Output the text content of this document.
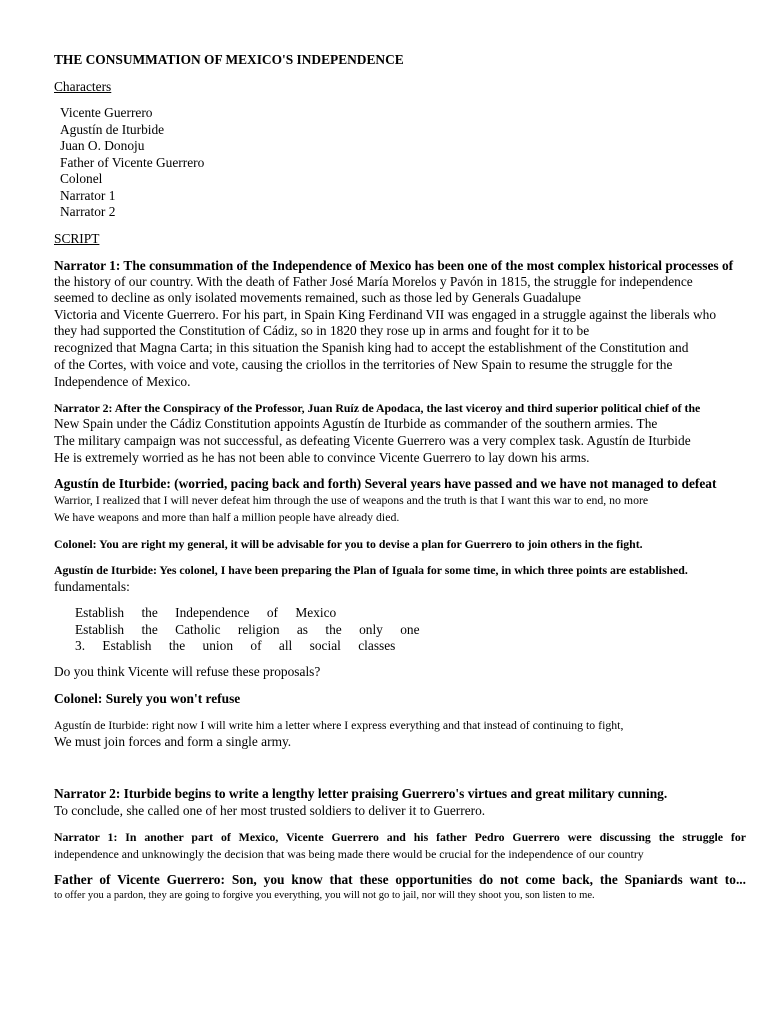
THE CONSUMMATION OF MEXICO'S INDEPENDENCE
Characters
Vicente Guerrero
Agustín de Iturbide
Juan O. Donoju
Father of Vicente Guerrero
Colonel
Narrator 1
Narrator 2
SCRIPT
Narrator 1: The consummation of the Independence of Mexico has been one of the most complex historical processes of
the history of our country. With the death of Father José María Morelos y Pavón in 1815, the struggle for independence
seemed to decline as only isolated movements remained, such as those led by Generals Guadalupe
Victoria and Vicente Guerrero. For his part, in Spain King Ferdinand VII was engaged in a struggle against the liberals who
they had supported the Constitution of Cádiz, so in 1820 they rose up in arms and fought for it to be
recognized that Magna Carta; in this situation the Spanish king had to accept the establishment of the Constitution and
of the Cortes, with voice and vote, causing the criollos in the territories of New Spain to resume the struggle for the
Independence of Mexico.
Narrator 2: After the Conspiracy of the Professor, Juan Ruíz de Apodaca, the last viceroy and third superior political chief of the
New Spain under the Cádiz Constitution appoints Agustín de Iturbide as commander of the southern armies. The
The military campaign was not successful, as defeating Vicente Guerrero was a very complex task. Agustín de Iturbide
He is extremely worried as he has not been able to convince Vicente Guerrero to lay down his arms.
Agustín de Iturbide: (worried, pacing back and forth) Several years have passed and we have not managed to defeat
Warrior, I realized that I will never defeat him through the use of weapons and the truth is that I want this war to end, no more
We have weapons and more than half a million people have already died.
Colonel: You are right my general, it will be advisable for you to devise a plan for Guerrero to join others in the fight.
Agustín de Iturbide: Yes colonel, I have been preparing the Plan of Iguala for some time, in which three points are established.
fundamentals:
Establish the Independence of Mexico
Establish the Catholic religion as the only one
3. Establish the union of all social classes
Do you think Vicente will refuse these proposals?
Colonel: Surely you won't refuse
Agustín de Iturbide: right now I will write him a letter where I express everything and that instead of continuing to fight,
We must join forces and form a single army.
Narrator 2: Iturbide begins to write a lengthy letter praising Guerrero's virtues and great military cunning.
To conclude, she called one of her most trusted soldiers to deliver it to Guerrero.
Narrator 1: In another part of Mexico, Vicente Guerrero and his father Pedro Guerrero were discussing the struggle for
independence and unknowingly the decision that was being made there would be crucial for the independence of our country
Father of Vicente Guerrero: Son, you know that these opportunities do not come back, the Spaniards want to...
to offer you a pardon, they are going to forgive you everything, you will not go to jail, nor will they shoot you, son listen to me.
